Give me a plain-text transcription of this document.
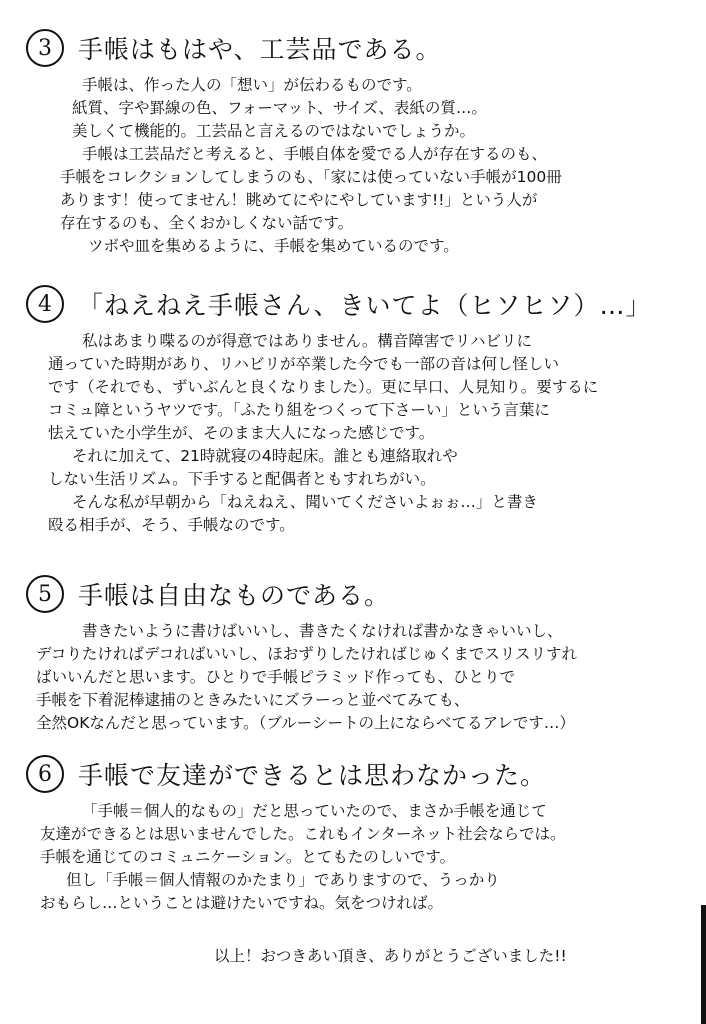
3	手帳はもはや、工芸品である。
手帳は、作った人の「想い」が伝わるものです。
紙質、字や罫線の色、フォーマット、サイズ、表紙の質…。
美しくて機能的。工芸品と言えるのではないでしょうか。
手帳は工芸品だと考えると、手帳自体を愛でる人が存在するのも、
手帳をコレクションしてしまうのも、「家には使っていない手帳が100冊
あります！使ってません！眺めてにやにやしています!!」という人が
存在するのも、全くおかしくない話です。
ツボや皿を集めるように、手帳を集めているのです。
4	「ねえねえ手帳さん、きいてよ（ヒソヒソ）…」
私はあまり喋るのが得意ではありません。構音障害でリハビリに
通っていた時期があり、リハビリが卒業した今でも一部の音は何し怪しい
です（それでも、ずいぶんと良くなりました）。更に早口、人見知り。要するに
コミュ障というヤツです。「ふたり組をつくって下さーい」という言葉に
怯えていた小学生が、そのまま大人になった感じです。
それに加えて、21時就寝の4時起床。誰とも連絡取れや
しない生活リズム。下手すると配偶者ともすれちがい。
そんな私が早朝から「ねえねえ、聞いてくださいよぉぉ…」と書き
殴る相手が、そう、手帳なのです。
5	手帳は自由なものである。
書きたいように書けばいいし、書きたくなければ書かなきゃいいし、
デコりたければデコればいいし、ほおずりしたければじゅくまでスリスリすれ
ばいいんだと思います。ひとりで手帳ピラミッド作っても、ひとりで
手帳を下着泥棒逮捕のときみたいにズラーっと並べてみても、
全然OKなんだと思っています。（ブルーシートの上にならべてるアレです…）
6	手帳で友達ができるとは思わなかった。
「手帳＝個人的なもの」だと思っていたので、まさか手帳を通じて
友達ができるとは思いませんでした。これもインターネット社会ならでは。
手帳を通じてのコミュニケーション。とてもたのしいです。
但し「手帳＝個人情報のかたまり」でありますので、うっかり
おもらし…ということは避けたいですね。気をつければ。
以上！おつきあい頂き、ありがとうございました!!
